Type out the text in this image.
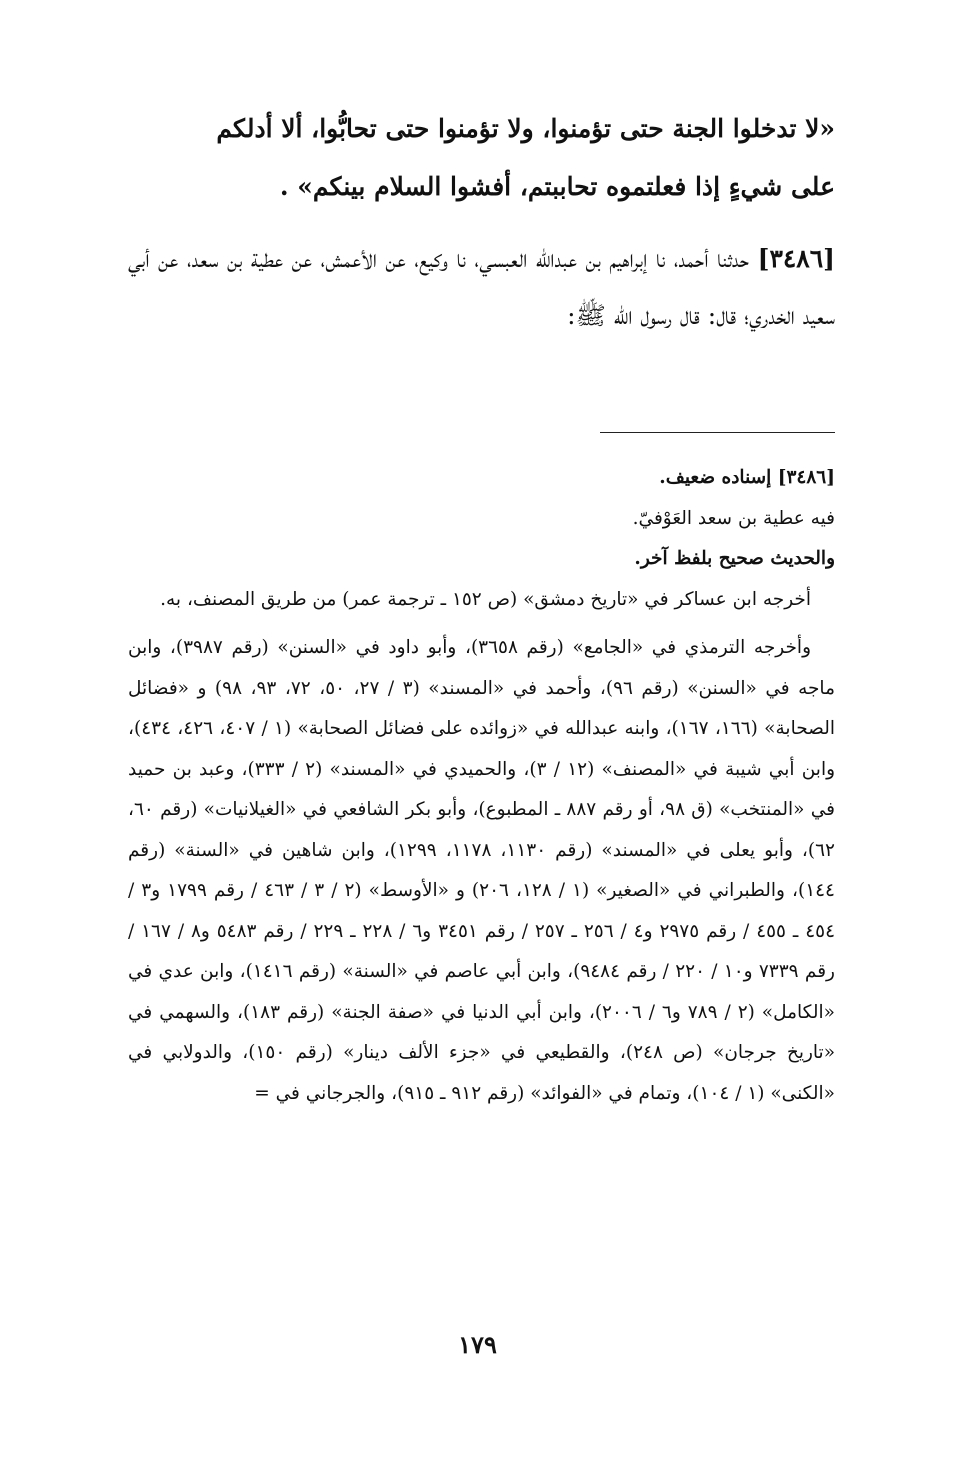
«لا تدخلوا الجنة حتى تؤمنوا، ولا تؤمنوا حتى تحابُّوا، ألا أدلكم

على شيءٍ إذا فعلتموه تحاببتم، أفشوا السلام بينكم» .

[٣٤٨٦] حدثنا أحمد، نا إبراهيم بن عبدالله العبسي، نا وكيع، عن الأعمش، عن عطية بن سعد، عن أبي سعيد الخدري؛ قال: قال رسول الله ﷺ:

[٣٤٨٦] إسناده ضعيف.

فيه عطية بن سعد العَوْفيّ.

والحديث صحيح بلفظ آخر.

أخرجه ابن عساكر في «تاريخ دمشق» (ص ١٥٢ ـ ترجمة عمر) من طريق المصنف، به.

وأخرجه الترمذي في «الجامع» (رقم ٣٦٥٨)، وأبو داود في «السنن» (رقم ٣٩٨٧)، وابن ماجه في «السنن» (رقم ٩٦)، وأحمد في «المسند» (٣ / ٢٧، ٥٠، ٧٢، ٩٣، ٩٨) و «فضائل الصحابة» (١٦٦، ١٦٧)، وابنه عبدالله في «زوائده على فضائل الصحابة» (١ / ٤٠٧، ٤٢٦، ٤٣٤)، وابن أبي شيبة في «المصنف» (١٢ / ٣)، والحميدي في «المسند» (٢ / ٣٣٣)، وعبد بن حميد في «المنتخب» (ق ٩٨، أو رقم ٨٨٧ ـ المطبوع)، وأبو بكر الشافعي في «الغيلانيات» (رقم ٦٠، ٦٢)، وأبو يعلى في «المسند» (رقم ١١٣٠، ١١٧٨، ١٢٩٩)، وابن شاهين في «السنة» (رقم ١٤٤)، والطبراني في «الصغير» (١ / ١٢٨، ٢٠٦) و «الأوسط» (٢ / ٣ / ٤٦٣ / رقم ١٧٩٩ و٣ / ٤٥٤ ـ ٤٥٥ / رقم ٢٩٧٥ و٤ / ٢٥٦ ـ ٢٥٧ / رقم ٣٤٥١ و٦ / ٢٢٨ ـ ٢٢٩ / رقم ٥٤٨٣ و٨ / ١٦٧ / رقم ٧٣٣٩ و١٠ / ٢٢٠ / رقم ٩٤٨٤)، وابن أبي عاصم في «السنة» (رقم ١٤١٦)، وابن عدي في «الكامل» (٢ / ٧٨٩ و٦ / ٢٠٠٦)، وابن أبي الدنيا في «صفة الجنة» (رقم ١٨٣)، والسهمي في «تاريخ جرجان» (ص ٢٤٨)، والقطيعي في «جزء الألف دينار» (رقم ١٥٠)، والدولابي في «الكنى» (١ / ١٠٤)، وتمام في «الفوائد» (رقم ٩١٢ ـ ٩١٥)، والجرجاني في =

١٧٩
